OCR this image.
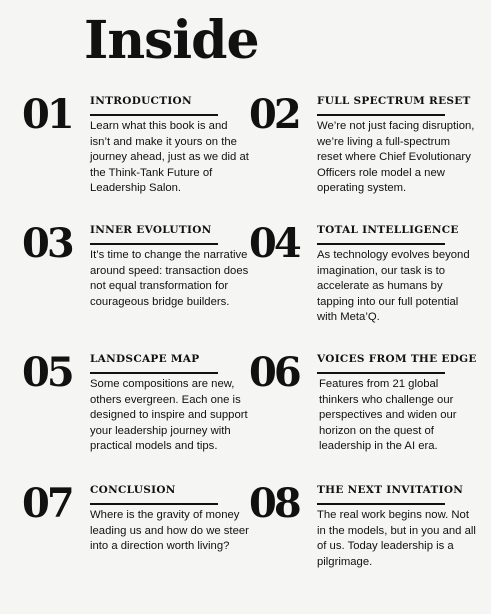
Inside
01 INTRODUCTION

Learn what this book is and isn’t and make it yours on the journey ahead, just as we did at the Think-Tank Future of Leadership Salon.

02 FULL SPECTRUM RESET

We’re not just facing disruption, we’re living a full-spectrum reset where Chief Evolutionary Officers role model a new operating system.

03 INNER EVOLUTION

It’s time to change the narrative around speed: transaction does not equal transformation for courageous bridge builders.

04 TOTAL INTELLIGENCE

As technology evolves beyond imagination, our task is to accelerate as humans by tapping into our full potential with Meta’Q.

05 LANDSCAPE MAP

Some compositions are new, others evergreen. Each one is designed to inspire and support your leadership journey with practical models and tips.

06 VOICES FROM THE EDGE

Features from 21 global thinkers who challenge our perspectives and widen our horizon on the quest of leadership in the AI era.

07 CONCLUSION

Where is the gravity of money leading us and how do we steer into a direction worth living?

08 THE NEXT INVITATION

The real work begins now. Not in the models, but in you and all of us. Today leadership is a pilgrimage.
